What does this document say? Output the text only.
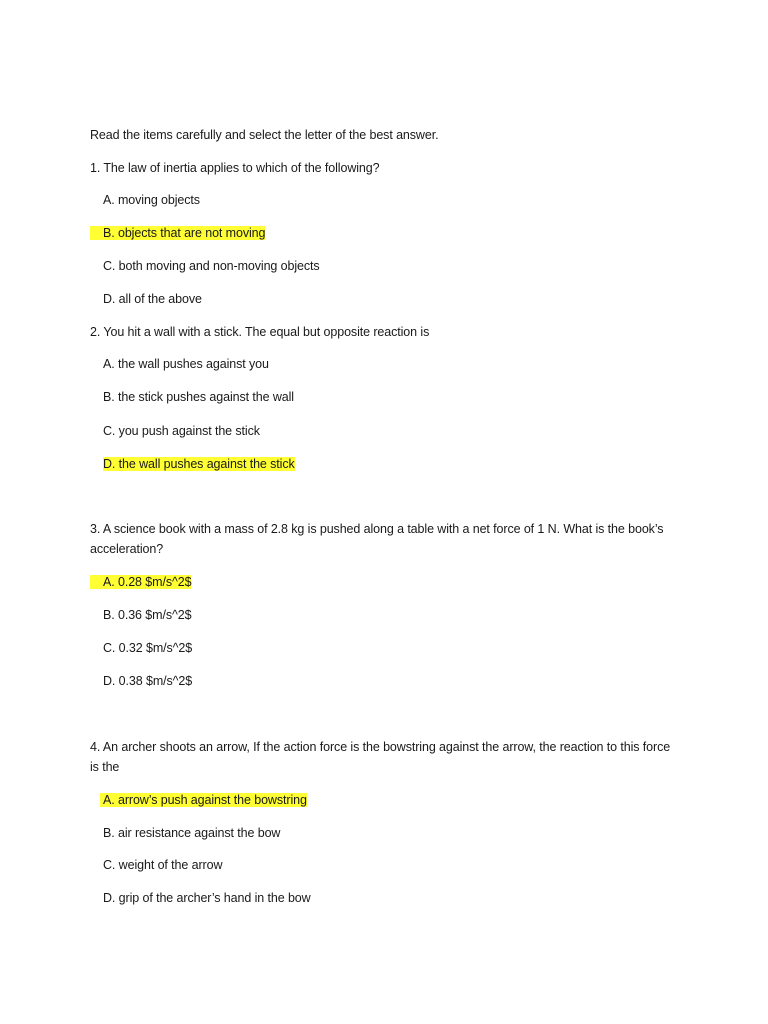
Read the items carefully and select the letter of the best answer.
1. The law of inertia applies to which of the following?
A. moving objects
B. objects that are not moving
C. both moving and non-moving objects
D. all of the above
2. You hit a wall with a stick. The equal but opposite reaction is
A. the wall pushes against you
B. the stick pushes against the wall
C. you push against the stick
D. the wall pushes against the stick
3. A science book with a mass of 2.8 kg is pushed along a table with a net force of 1 N. What is the book’s acceleration?
A. 0.28 $m/s^2$
B. 0.36 $m/s^2$
C. 0.32 $m/s^2$
D. 0.38 $m/s^2$
4. An archer shoots an arrow, If the action force is the bowstring against the arrow, the reaction to this force is the
A. arrow’s push against the bowstring
B. air resistance against the bow
C. weight of the arrow
D. grip of the archer’s hand in the bow
